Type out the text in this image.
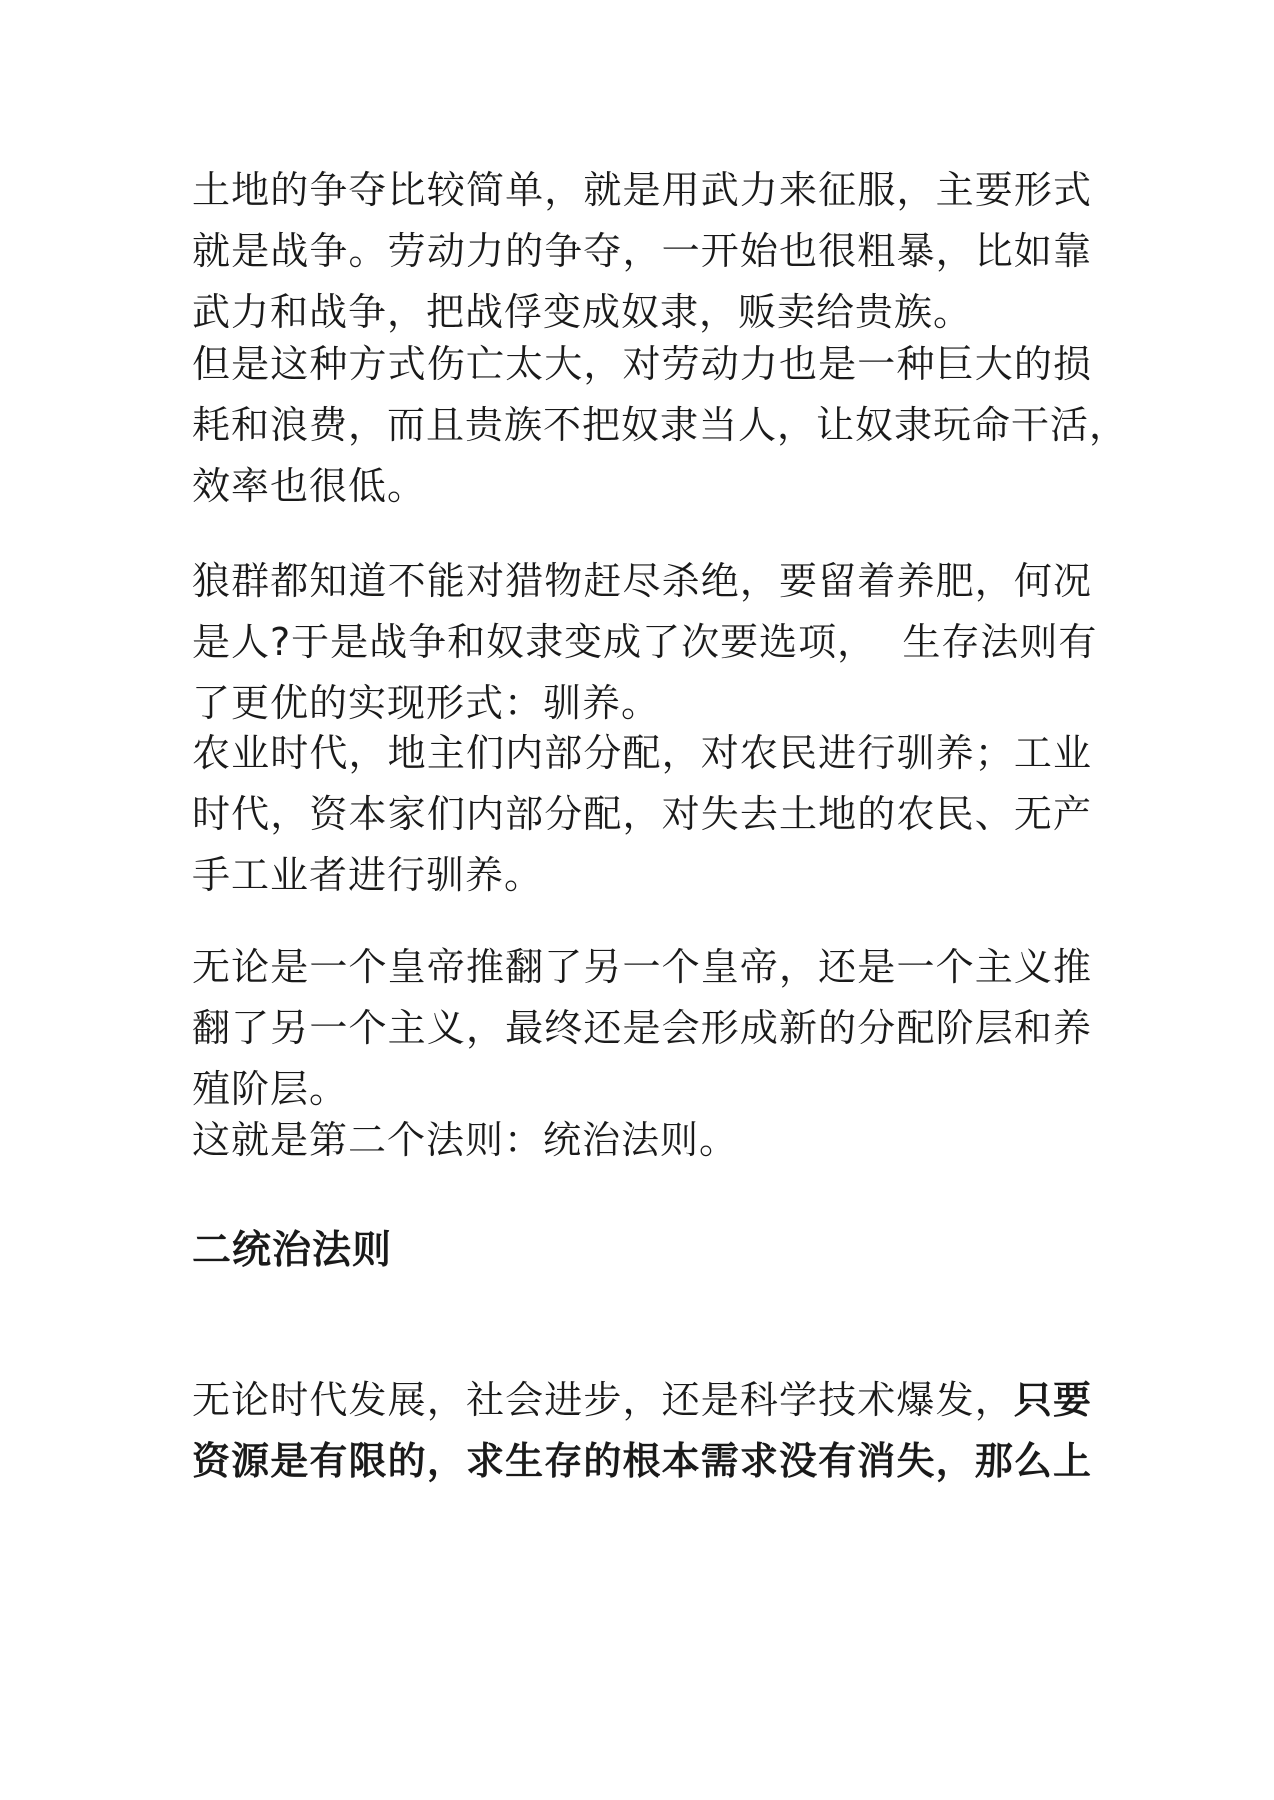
土地的争夺比较简单，就是用武力来征服，主要形式
就是战争。劳动力的争夺，一开始也很粗暴，比如靠
武力和战争，把战俘变成奴隶，贩卖给贵族。
但是这种方式伤亡太大，对劳动力也是一种巨大的损
耗和浪费，而且贵族不把奴隶当人，让奴隶玩命干活，
效率也很低。
狼群都知道不能对猎物赶尽杀绝，要留着养肥，何况
是人?于是战争和奴隶变成了次要选项，  生存法则有
了更优的实现形式：驯养。
农业时代，地主们内部分配，对农民进行驯养；工业
时代，资本家们内部分配，对失去土地的农民、无产
手工业者进行驯养。
无论是一个皇帝推翻了另一个皇帝，还是一个主义推
翻了另一个主义，最终还是会形成新的分配阶层和养
殖阶层。
这就是第二个法则：统治法则。
二统治法则
无论时代发展，社会进步，还是科学技术爆发，只要
资源是有限的，求生存的根本需求没有消失，那么上
